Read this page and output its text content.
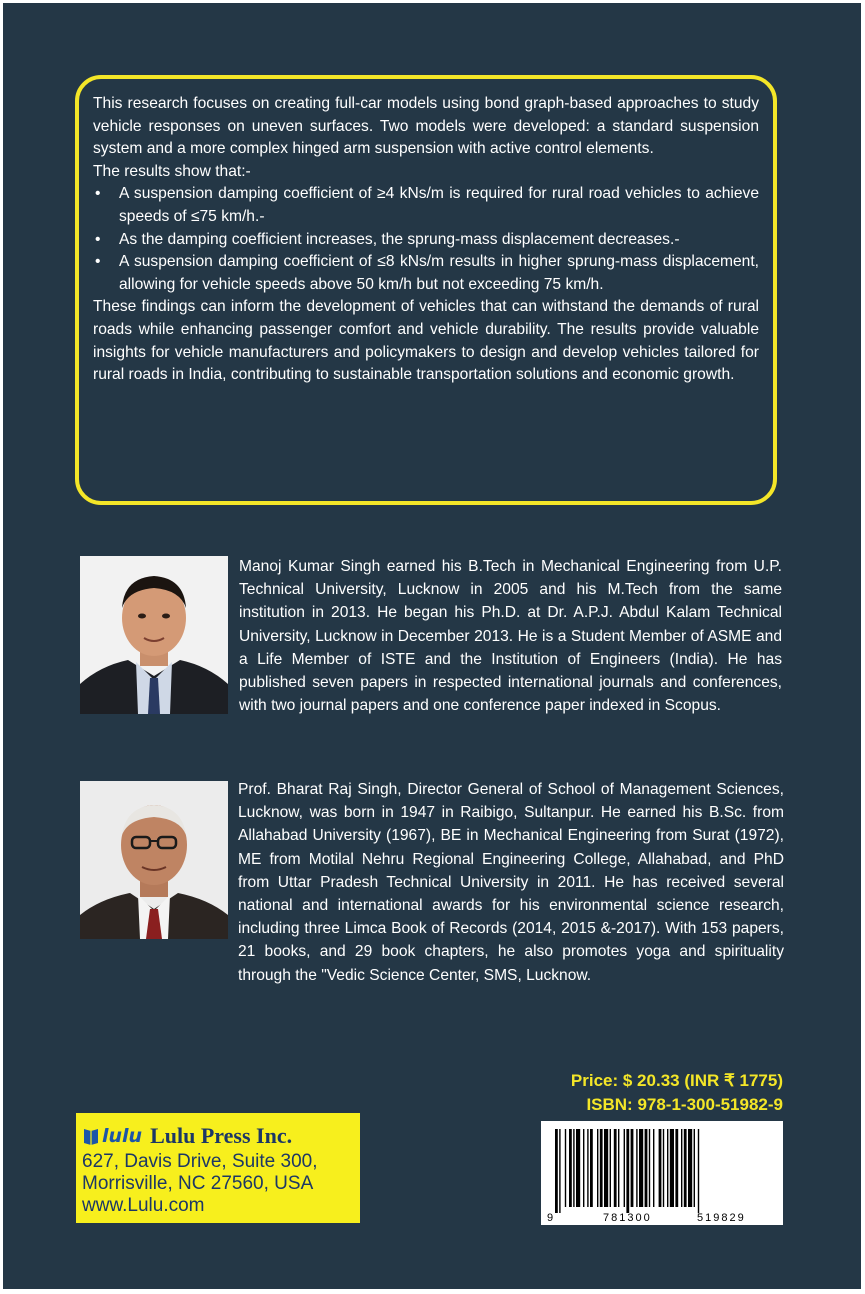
This research focuses on creating full-car models using bond graph-based approaches to study vehicle responses on uneven surfaces. Two models were developed: a standard suspension system and a more complex hinged arm suspension with active control elements.

The results show that:-

• A suspension damping coefficient of ≥4 kNs/m is required for rural road vehicles to achieve speeds of ≤75 km/h.-
• As the damping coefficient increases, the sprung-mass displacement decreases.-
• A suspension damping coefficient of ≤8 kNs/m results in higher sprung-mass displacement, allowing for vehicle speeds above 50 km/h but not exceeding 75 km/h.

These findings can inform the development of vehicles that can withstand the demands of rural roads while enhancing passenger comfort and vehicle durability. The results provide valuable insights for vehicle manufacturers and policymakers to design and develop vehicles tailored for rural roads in India, contributing to sustainable transportation solutions and economic growth.

Manoj Kumar Singh earned his B.Tech in Mechanical Engineering from U.P. Technical University, Lucknow in 2005 and his M.Tech from the same institution in 2013. He began his Ph.D. at Dr. A.P.J. Abdul Kalam Technical University, Lucknow in December 2013. He is a Student Member of ASME and a Life Member of ISTE and the Institution of Engineers (India). He has published seven papers in respected international journals and conferences, with two journal papers and one conference paper indexed in Scopus.

Prof. Bharat Raj Singh, Director General of School of Management Sciences, Lucknow, was born in 1947 in Raibigo, Sultanpur. He earned his B.Sc. from Allahabad University (1967), BE in Mechanical Engineering from Surat (1972), ME from Motilal Nehru Regional Engineering College, Allahabad, and PhD from Uttar Pradesh Technical University in 2011. He has received several national and international awards for his environmental science research, including three Limca Book of Records (2014, 2015 &-2017). With 153 papers, 21 books, and 29 book chapters, he also promotes yoga and spirituality through the "Vedic Science Center, SMS, Lucknow.

Price: $ 20.33 (INR ₹ 1775)
ISBN: 978-1-300-51982-9
9	781300	519829
lulu Lulu Press Inc.
627, Davis Drive, Suite 300,
Morrisville, NC 27560, USA
www.Lulu.com
